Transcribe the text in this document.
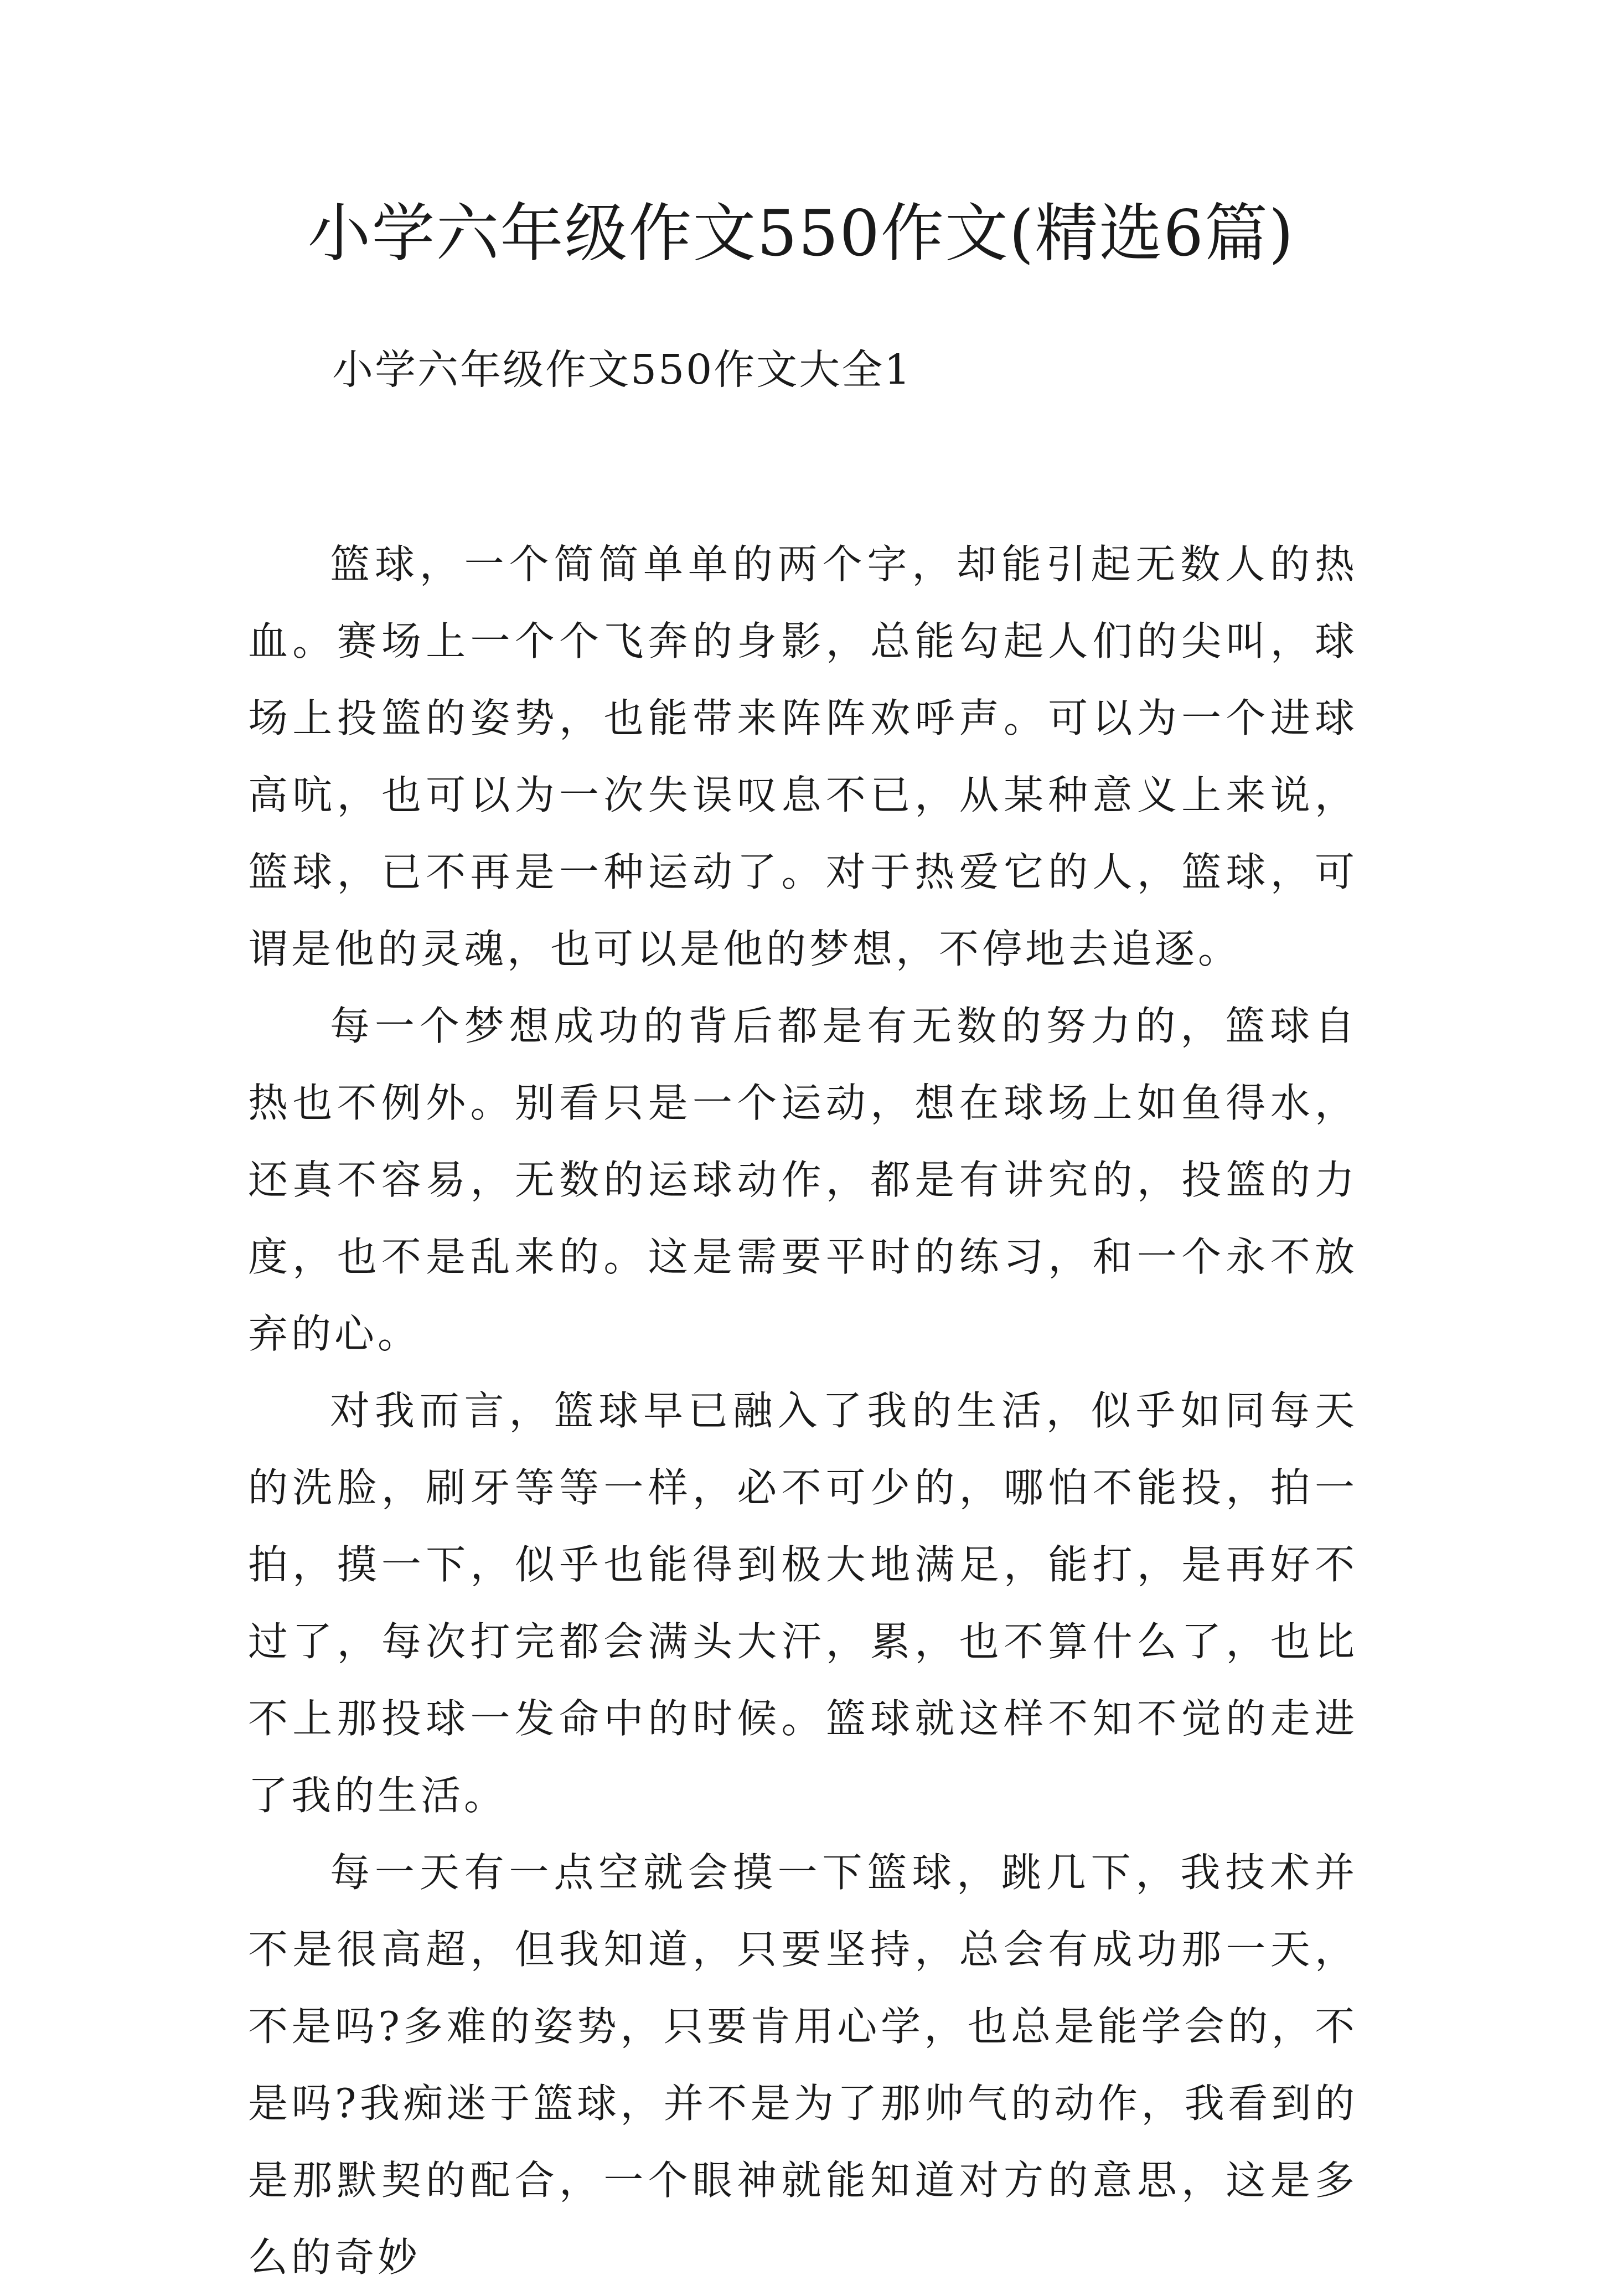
小学六年级作文550作文(精选6篇)
小学六年级作文550作文大全1

篮球，一个简简单单的两个字，却能引起无数人的热血。赛场上一个个飞奔的身影，总能勾起人们的尖叫，球场上投篮的姿势，也能带来阵阵欢呼声。可以为一个进球高吭，也可以为一次失误叹息不已，从某种意义上来说，篮球，已不再是一种运动了。对于热爱它的人，篮球，可谓是他的灵魂，也可以是他的梦想，不停地去追逐。

每一个梦想成功的背后都是有无数的努力的，篮球自热也不例外。别看只是一个运动，想在球场上如鱼得水，还真不容易，无数的运球动作，都是有讲究的，投篮的力度，也不是乱来的。这是需要平时的练习，和一个永不放弃的心。

对我而言，篮球早已融入了我的生活，似乎如同每天的洗脸，刷牙等等一样，必不可少的，哪怕不能投，拍一拍，摸一下，似乎也能得到极大地满足，能打，是再好不过了，每次打完都会满头大汗，累，也不算什么了，也比不上那投球一发命中的时候。篮球就这样不知不觉的走进了我的生活。

每一天有一点空就会摸一下篮球，跳几下，我技术并不是很高超，但我知道，只要坚持，总会有成功那一天，不是吗?多难的姿势，只要肯用心学，也总是能学会的，不是吗?我痴迷于篮球，并不是为了那帅气的动作，我看到的是那默契的配合，一个眼神就能知道对方的意思，这是多么的奇妙
